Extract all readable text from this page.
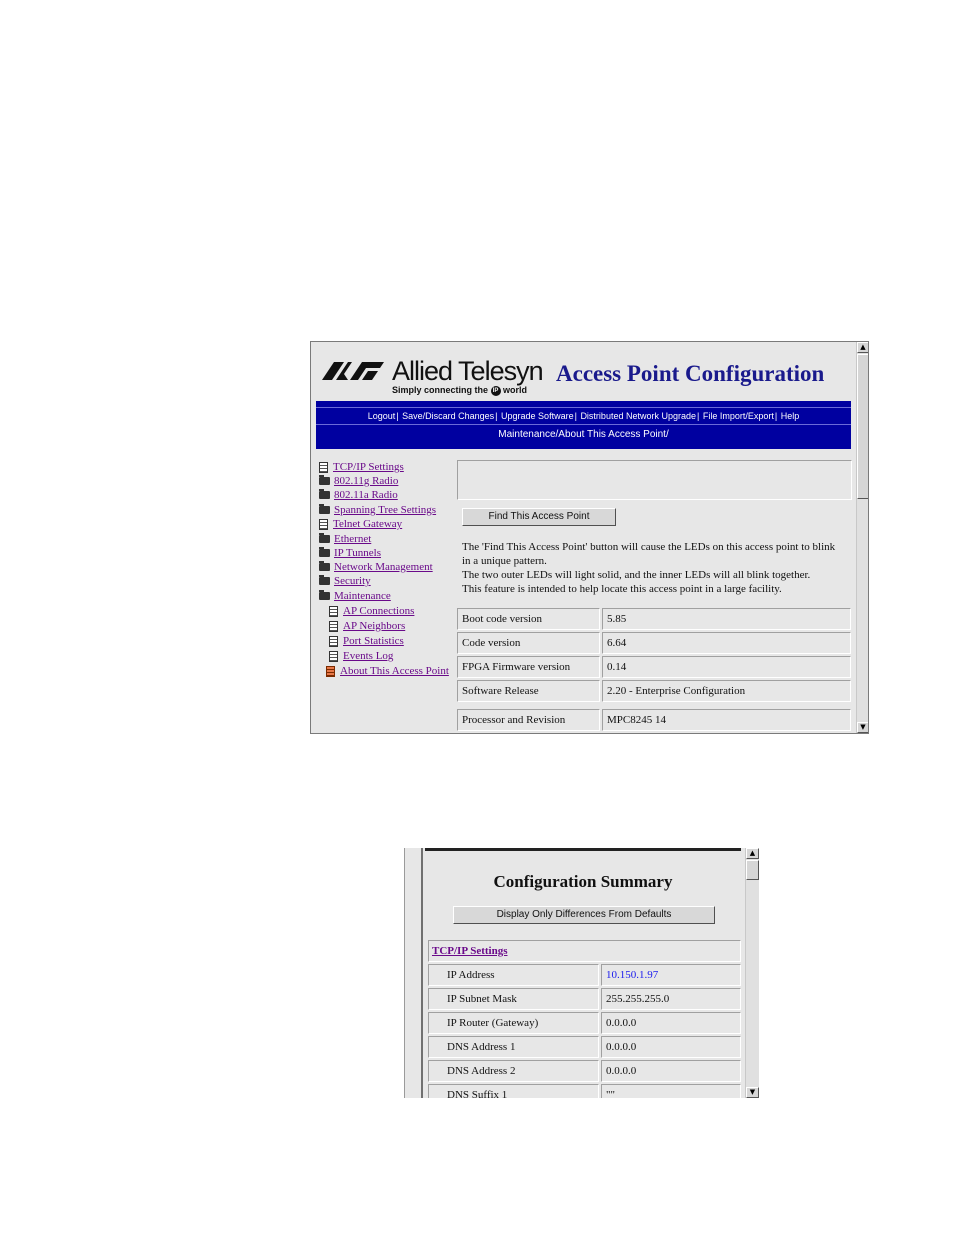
Allied Telesyn
Simply connecting the IP world
Access Point Configuration
Logout| Save/Discard Changes| Upgrade Software| Distributed Network Upgrade| File Import/Export| Help
Maintenance/About This Access Point/
TCP/IP Settings
802.11g Radio
802.11a Radio
Spanning Tree Settings
Telnet Gateway
Ethernet
IP Tunnels
Network Management
Security
Maintenance
AP Connections
AP Neighbors
Port Statistics
Events Log
About This Access Point
Find This Access Point
The 'Find This Access Point' button will cause the LEDs on this access point to blink
in a unique pattern.
The two outer LEDs will light solid, and the inner LEDs will all blink together.
This feature is intended to help locate this access point in a large facility.
Boot code version	5.85
Code version	6.64
FPGA Firmware version	0.14
Software Release	2.20 - Enterprise Configuration
Processor and Revision	MPC8245 14
▲
▼
Configuration Summary
Display Only Differences From Defaults
TCP/IP Settings
IP Address	10.150.1.97
IP Subnet Mask	255.255.255.0
IP Router (Gateway)	0.0.0.0
DNS Address 1	0.0.0.0
DNS Address 2	0.0.0.0
DNS Suffix 1	""
▲
▼
